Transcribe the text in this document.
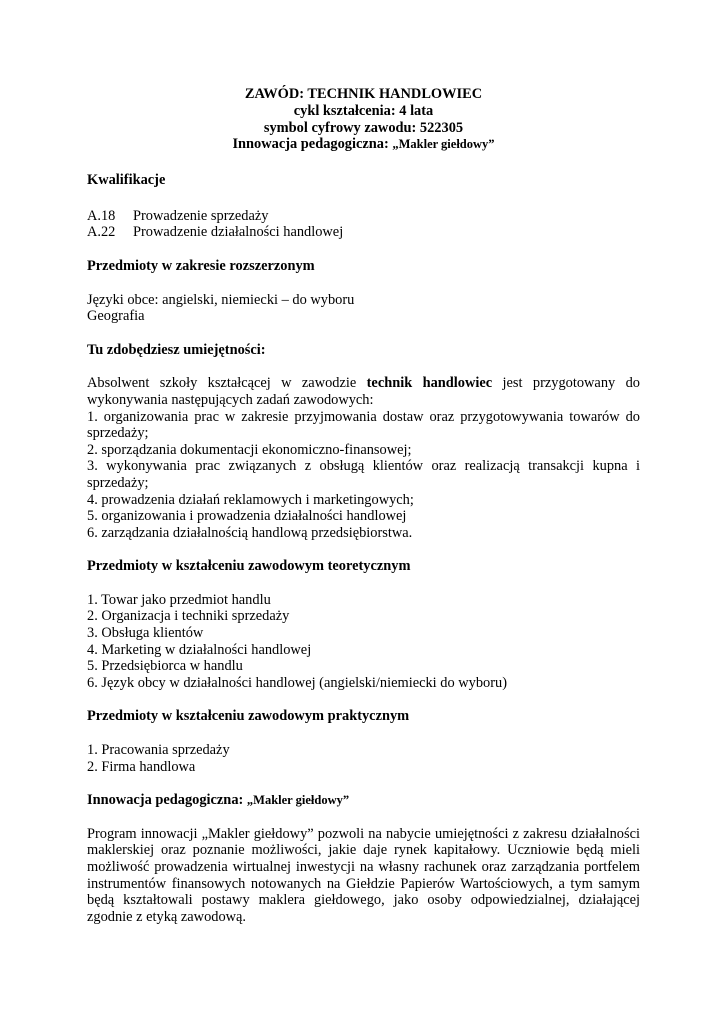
ZAWÓD: TECHNIK HANDLOWIEC
cykl kształcenia: 4 lata
symbol cyfrowy zawodu: 522305
Innowacja pedagogiczna: „Makler giełdowy”

Kwalifikacje

A.18	Prowadzenie sprzedaży
A.22	Prowadzenie działalności handlowej

Przedmioty w zakresie rozszerzonym

Języki obce: angielski, niemiecki – do wyboru
Geografia

Tu zdobędziesz umiejętności:

Absolwent szkoły kształcącej w zawodzie technik handlowiec jest przygotowany do wykonywania następujących zadań zawodowych:

1. organizowania prac w zakresie przyjmowania dostaw oraz przygotowywania towarów do sprzedaży;

2. sporządzania dokumentacji ekonomiczno-finansowej;

3. wykonywania prac związanych z obsługą klientów oraz realizacją transakcji kupna i sprzedaży;

4. prowadzenia działań reklamowych i marketingowych;

5. organizowania i prowadzenia działalności handlowej

6. zarządzania działalnością handlową przedsiębiorstwa.

Przedmioty w kształceniu zawodowym teoretycznym

1. Towar jako przedmiot handlu
2. Organizacja i techniki sprzedaży
3. Obsługa klientów
4. Marketing w działalności handlowej
5. Przedsiębiorca w handlu
6. Język obcy w działalności handlowej (angielski/niemiecki do wyboru)

Przedmioty w kształceniu zawodowym praktycznym

1. Pracowania sprzedaży
2. Firma handlowa

Innowacja pedagogiczna: „Makler giełdowy”

Program innowacji „Makler giełdowy” pozwoli na nabycie umiejętności z zakresu działalności maklerskiej oraz poznanie możliwości, jakie daje rynek kapitałowy. Uczniowie będą mieli możliwość prowadzenia wirtualnej inwestycji na własny rachunek oraz zarządzania portfelem instrumentów finansowych notowanych na Giełdzie Papierów Wartościowych, a tym samym będą kształtowali postawy maklera giełdowego, jako osoby odpowiedzialnej, działającej zgodnie z etyką zawodową.
